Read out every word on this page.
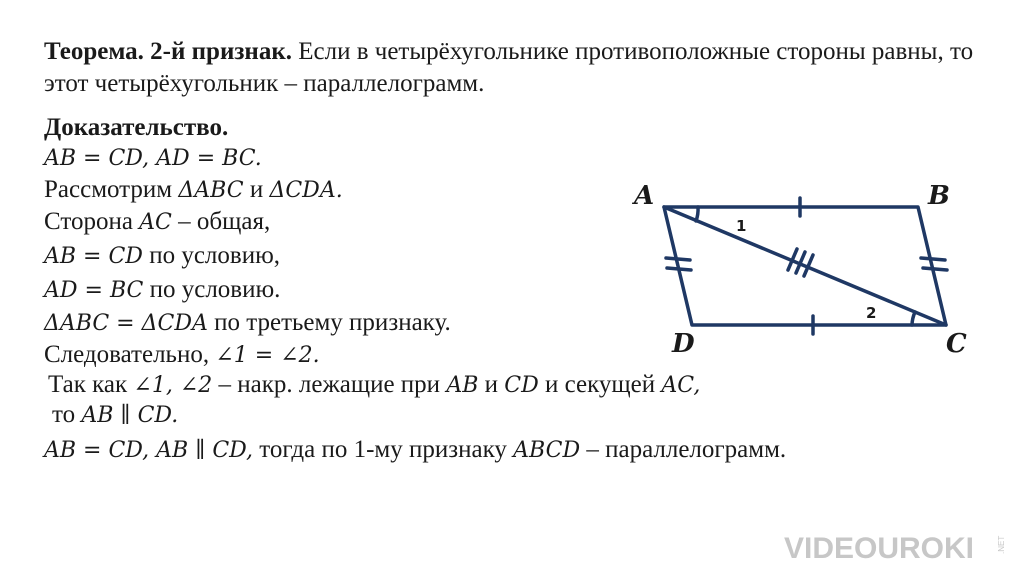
Теорема. 2-й признак. Если в четырёхугольнике противоположные стороны равны, то этот четырёхугольник – параллелограмм.
Доказательство.
AB = CD, AD = BC.
Рассмотрим ΔABC и ΔCDA.
Сторона AC – общая,
AB = CD по условию,
AD = BC по условию.
ΔABC = ΔCDA по третьему признаку.
Следовательно, ∠1 = ∠2.
Так как ∠1, ∠2 – накр. лежащие при AB и CD и секущей AC,
то AB ∥ CD.
AB = CD, AB ∥ CD, тогда по 1-му признаку ABCD – параллелограмм.
A	B
C
D
1
2
VIDEOUROKI	.NET
